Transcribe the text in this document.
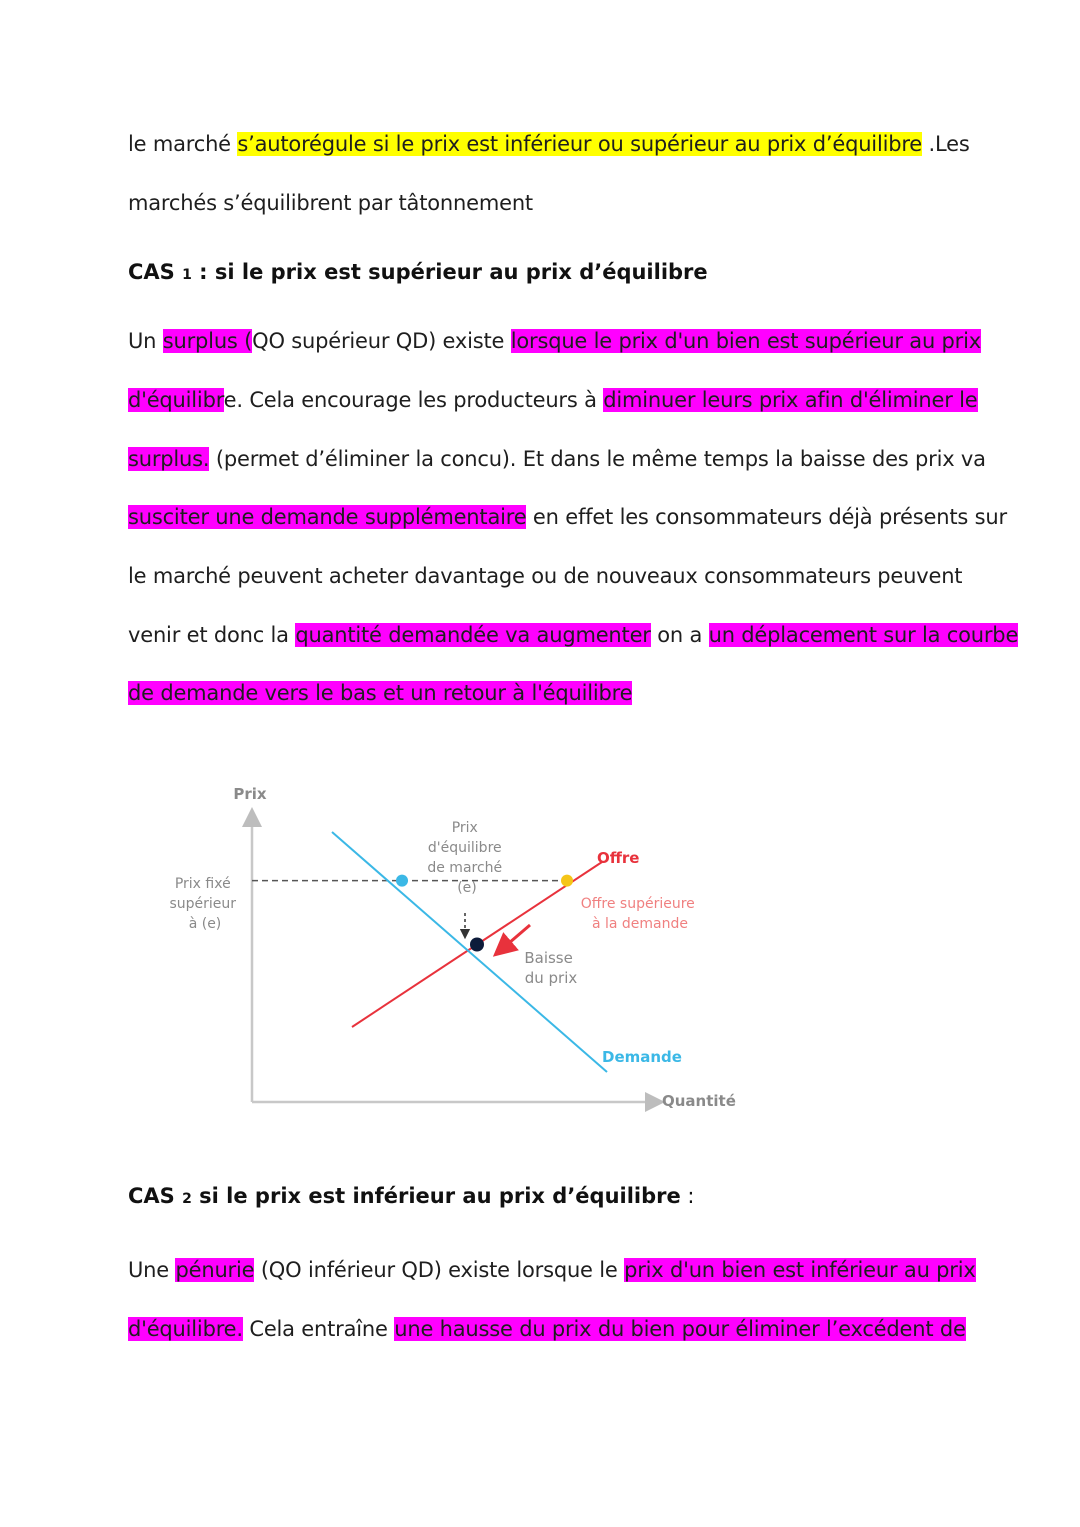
le marché s’autorégule si le prix est inférieur ou supérieur au prix d’équilibre .Les
marchés s’équilibrent par tâtonnement
CAS 1 : si le prix est supérieur au prix d’équilibre
Un surplus (QO supérieur QD) existe lorsque le prix d'un bien est supérieur au prix
d'équilibre. Cela encourage les producteurs à diminuer leurs prix afin d'éliminer le
surplus. (permet d’éliminer la concu). Et dans le même temps la baisse des prix va
susciter une demande supplémentaire en effet les consommateurs déjà présents sur
le marché peuvent acheter davantage ou de nouveaux consommateurs peuvent
venir et donc la quantité demandée va augmenter on a un déplacement sur la courbe
de demande vers le bas et un retour à l'équilibre
Prix
Quantité
Prix fixé supérieur à (e)
Prix d'équilibre de marché (e)
Offre
Offre supérieure à la demande
Baisse du prix
Demande
CAS 2 si le prix est inférieur au prix d’équilibre :
Une pénurie (QO inférieur QD) existe lorsque le prix d'un bien est inférieur au prix
d'équilibre. Cela entraîne une hausse du prix du bien pour éliminer l’excédent de
